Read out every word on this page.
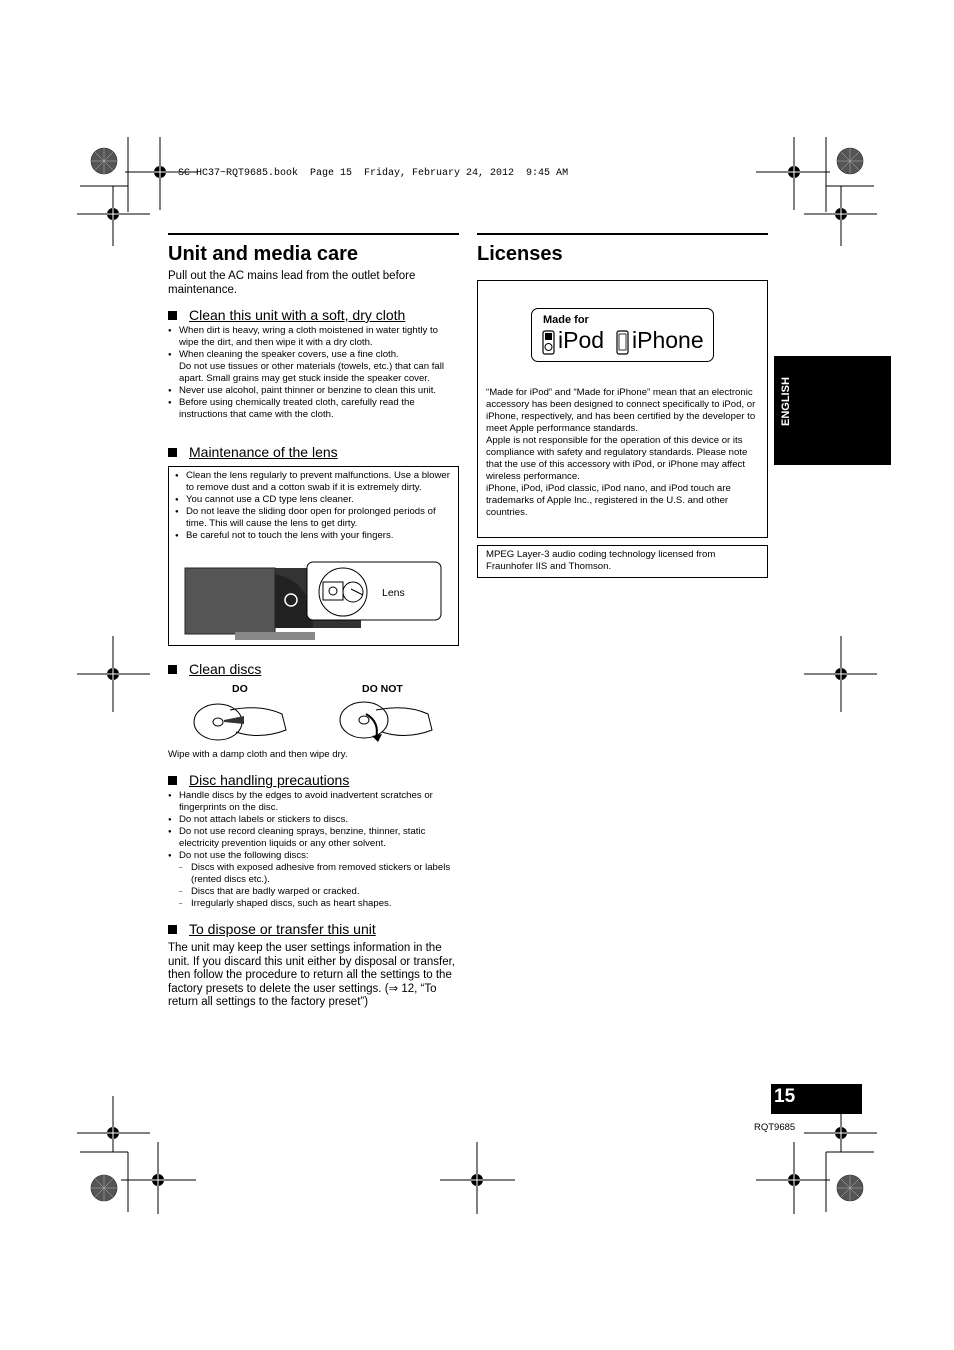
SC-HC37~RQT9685.book  Page 15  Friday, February 24, 2012  9:45 AM
Unit and media care
Pull out the AC mains lead from the outlet before maintenance.
Clean this unit with a soft, dry cloth
● When dirt is heavy, wring a cloth moistened in water tightly to wipe the dirt, and then wipe it with a dry cloth.
● When cleaning the speaker covers, use a fine cloth.
Do not use tissues or other materials (towels, etc.) that can fall apart. Small grains may get stuck inside the speaker cover.
● Never use alcohol, paint thinner or benzine to clean this unit.
● Before using chemically treated cloth, carefully read the instructions that came with the cloth.
Maintenance of the lens
● Clean the lens regularly to prevent malfunctions. Use a blower to remove dust and a cotton swab if it is extremely dirty.
● You cannot use a CD type lens cleaner.
● Do not leave the sliding door open for prolonged periods of time. This will cause the lens to get dirty.
● Be careful not to touch the lens with your fingers.
Lens
Clean discs
DO	DO NOT
Wipe with a damp cloth and then wipe dry.
Disc handling precautions
● Handle discs by the edges to avoid inadvertent scratches or fingerprints on the disc.
● Do not attach labels or stickers to discs.
● Do not use record cleaning sprays, benzine, thinner, static electricity prevention liquids or any other solvent.
● Do not use the following discs:
– Discs with exposed adhesive from removed stickers or labels (rented discs etc.).
– Discs that are badly warped or cracked.
– Irregularly shaped discs, such as heart shapes.
To dispose or transfer this unit
The unit may keep the user settings information in the unit. If you discard this unit either by disposal or transfer, then follow the procedure to return all the settings to the factory presets to delete the user settings. (⇒ 12, “To return all settings to the factory preset”)
Licenses
Made for
iPod iPhone
“Made for iPod” and “Made for iPhone” mean that an electronic accessory has been designed to connect specifically to iPod, or iPhone, respectively, and has been certified by the developer to meet Apple performance standards.
Apple is not responsible for the operation of this device or its compliance with safety and regulatory standards. Please note that the use of this accessory with iPod, or iPhone may affect wireless performance.
iPhone, iPod, iPod classic, iPod nano, and iPod touch are trademarks of Apple Inc., registered in the U.S. and other countries.
MPEG Layer-3 audio coding technology licensed from Fraunhofer IIS and Thomson.
15
RQT9685
